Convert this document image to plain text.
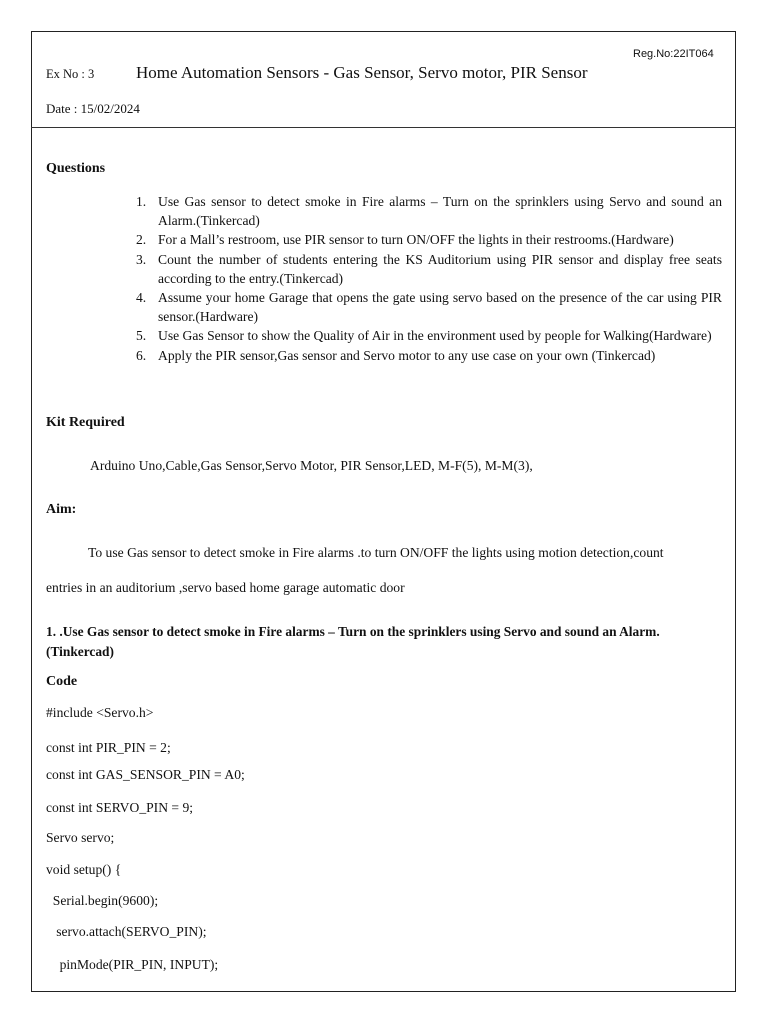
Reg.No:22IT064
Ex No : 3 Home Automation Sensors - Gas Sensor, Servo motor, PIR Sensor
Date : 15/02/2024
Questions
1. Use Gas sensor to detect smoke in Fire alarms – Turn on the sprinklers using Servo and sound an Alarm.(Tinkercad)
2. For a Mall’s restroom, use PIR sensor to turn ON/OFF the lights in their restrooms.(Hardware)
3. Count the number of students entering the KS Auditorium using PIR sensor and display free seats according to the entry.(Tinkercad)
4. Assume your home Garage that opens the gate using servo based on the presence of the car using PIR sensor.(Hardware)
5. Use Gas Sensor to show the Quality of Air in the environment used by people for Walking(Hardware)
6. Apply the PIR sensor,Gas sensor and Servo motor to any use case on your own (Tinkercad)
Kit Required
Arduino Uno,Cable,Gas Sensor,Servo Motor, PIR Sensor,LED, M-F(5), M-M(3),
Aim:
To use Gas sensor to detect smoke in Fire alarms .to turn ON/OFF the lights using motion detection,count
entries in an auditorium ,servo based home garage automatic door
1. .Use Gas sensor to detect smoke in Fire alarms – Turn on the sprinklers using Servo and sound an Alarm.
(Tinkercad)
Code
#include <Servo.h>
const int PIR_PIN = 2;
const int GAS_SENSOR_PIN = A0;
const int SERVO_PIN = 9;
Servo servo;
void setup() {
Serial.begin(9600);
servo.attach(SERVO_PIN);
pinMode(PIR_PIN, INPUT);
